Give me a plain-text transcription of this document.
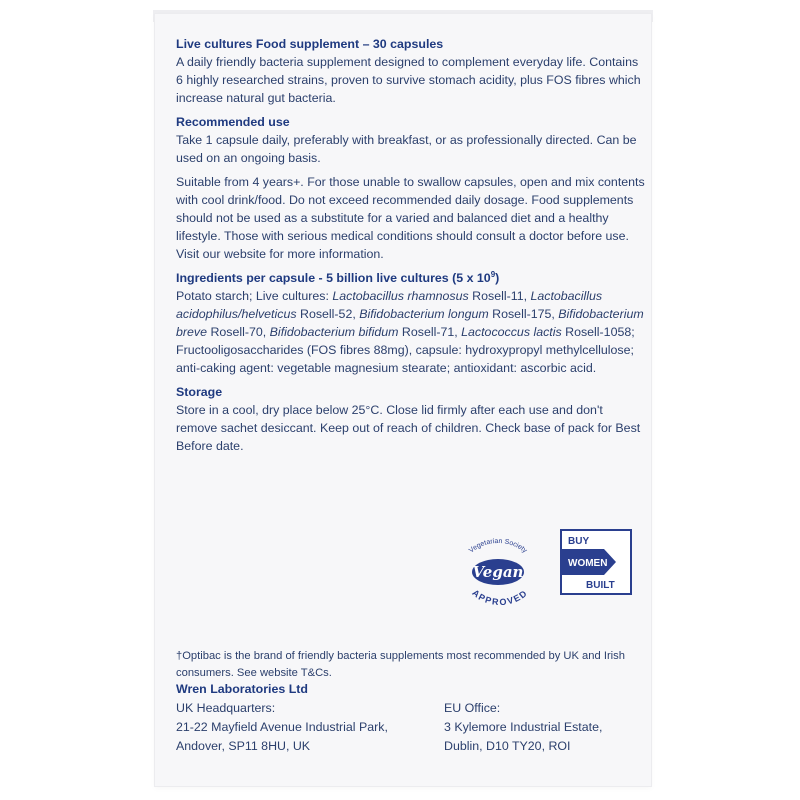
Live cultures Food supplement – 30 capsules

A daily friendly bacteria supplement designed to complement everyday life. Contains 6 highly researched strains, proven to survive stomach acidity, plus FOS fibres which increase natural gut bacteria.

Recommended use

Take 1 capsule daily, preferably with breakfast, or as professionally directed. Can be used on an ongoing basis.

Suitable from 4 years+. For those unable to swallow capsules, open and mix contents with cool drink/food. Do not exceed recommended daily dosage. Food supplements should not be used as a substitute for a varied and balanced diet and a healthy lifestyle. Those with serious medical conditions should consult a doctor before use. Visit our website for more information.

Ingredients per capsule - 5 billion live cultures (5 x $10^9$)

Potato starch; Live cultures: Lactobacillus rhamnosus Rosell-11, Lactobacillus acidophilus/helveticus Rosell-52, Bifidobacterium longum Rosell-175, Bifidobacterium breve Rosell-70, Bifidobacterium bifidum Rosell-71, Lactococcus lactis Rosell-1058; Fructooligosaccharides (FOS fibres 88mg), capsule: hydroxypropyl methylcellulose; anti-caking agent: vegetable magnesium stearate; antioxidant: ascorbic acid.

Storage

Store in a cool, dry place below 25°C. Close lid firmly after each use and don't remove sachet desiccant. Keep out of reach of children. Check base of pack for Best Before date.

Vegetarian Society
Vegan
APPROVED
BUY
WOMEN
BUILT

†Optibac is the brand of friendly bacteria supplements most recommended by UK and Irish consumers. See website T&Cs.

Wren Laboratories Ltd
UK Headquarters:
21-22 Mayfield Avenue Industrial Park,
Andover, SP11 8HU, UK
EU Office:
3 Kylemore Industrial Estate,
Dublin, D10 TY20, ROI
